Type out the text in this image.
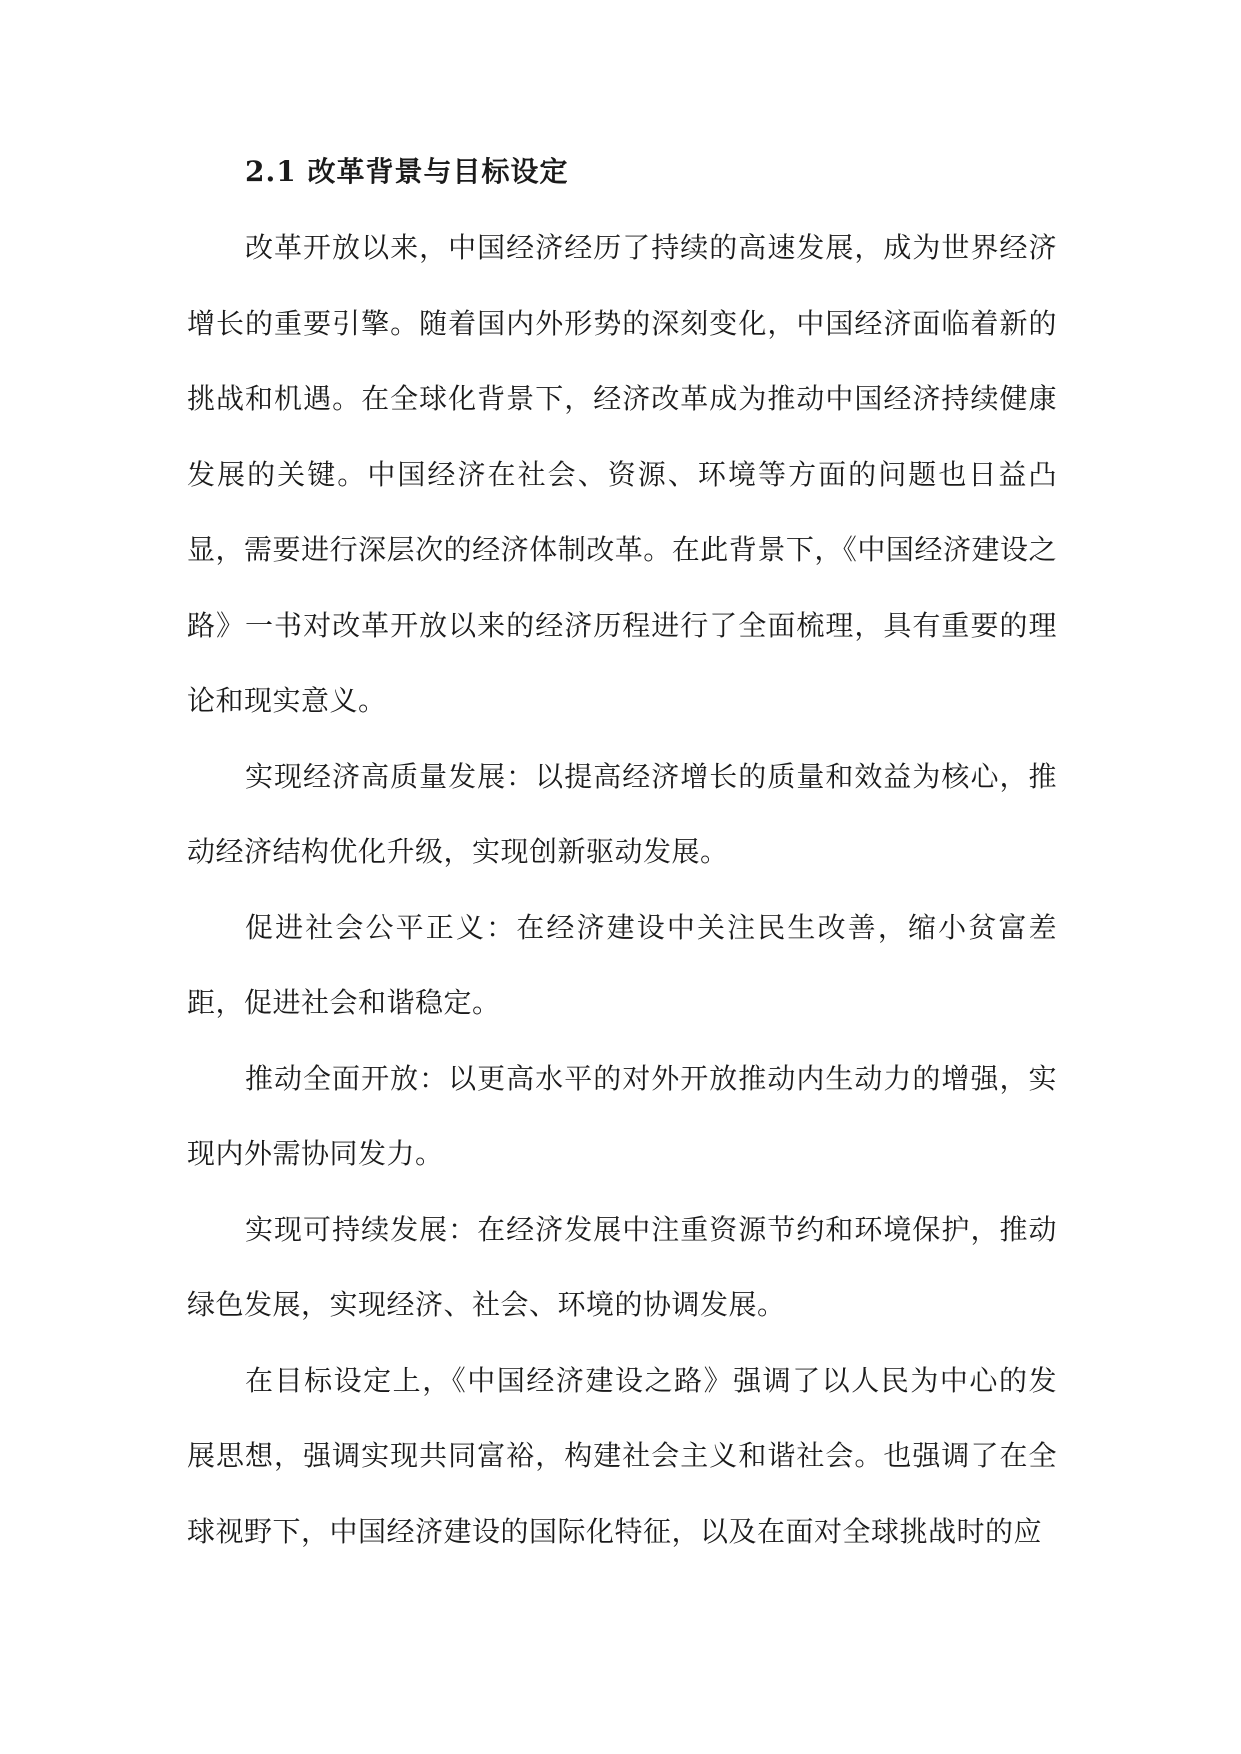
2.1 改革背景与目标设定

改革开放以来，中国经济经历了持续的高速发展，成为世界经济增长的重要引擎。随着国内外形势的深刻变化，中国经济面临着新的挑战和机遇。在全球化背景下，经济改革成为推动中国经济持续健康发展的关键。中国经济在社会、资源、环境等方面的问题也日益凸显，需要进行深层次的经济体制改革。在此背景下，《中国经济建设之路》一书对改革开放以来的经济历程进行了全面梳理，具有重要的理论和现实意义。

实现经济高质量发展：以提高经济增长的质量和效益为核心，推动经济结构优化升级，实现创新驱动发展。

促进社会公平正义：在经济建设中关注民生改善，缩小贫富差距，促进社会和谐稳定。

推动全面开放：以更高水平的对外开放推动内生动力的增强，实现内外需协同发力。

实现可持续发展：在经济发展中注重资源节约和环境保护，推动绿色发展，实现经济、社会、环境的协调发展。

在目标设定上，《中国经济建设之路》强调了以人民为中心的发展思想，强调实现共同富裕，构建社会主义和谐社会。也强调了在全球视野下，中国经济建设的国际化特征，以及在面对全球挑战时的应
